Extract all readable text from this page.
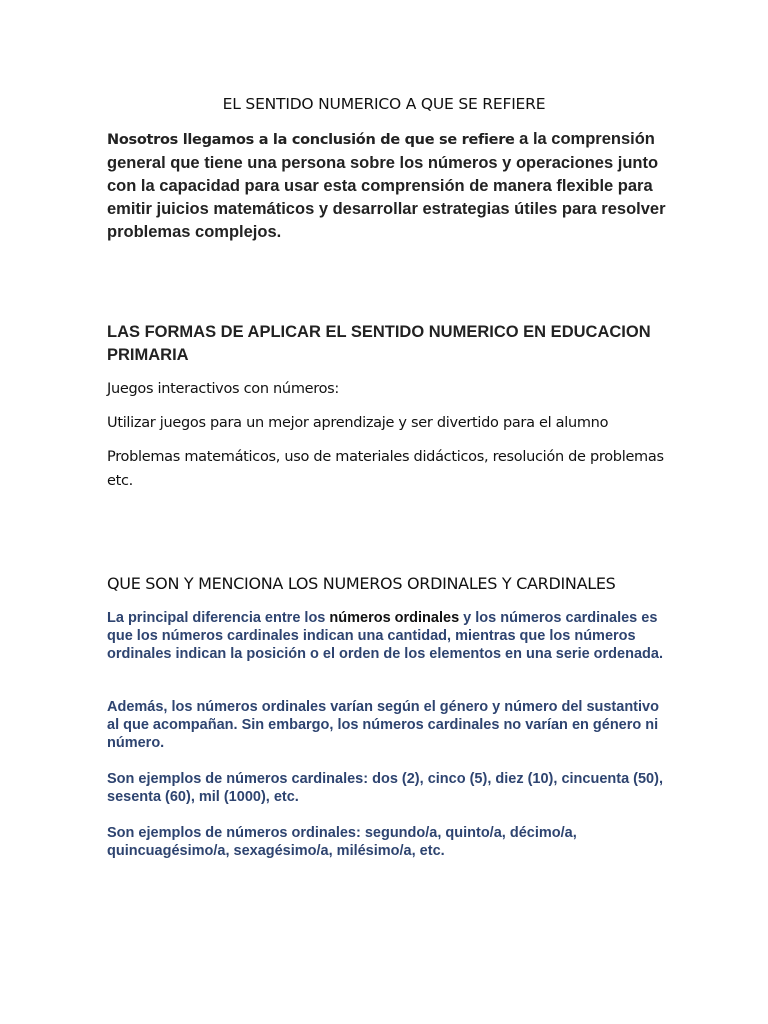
EL SENTIDO NUMERICO A QUE SE REFIERE

Nosotros llegamos a la conclusión de que se refiere a la comprensión general que tiene una persona sobre los números y operaciones junto con la capacidad para usar esta comprensión de manera flexible para emitir juicios matemáticos y desarrollar estrategias útiles para resolver problemas complejos.

LAS FORMAS DE APLICAR EL SENTIDO NUMERICO EN EDUCACION PRIMARIA

Juegos interactivos con números:

Utilizar juegos para un mejor aprendizaje y ser divertido para el alumno

Problemas matemáticos, uso de materiales didácticos, resolución de problemas etc.

QUE SON Y MENCIONA LOS NUMEROS ORDINALES Y CARDINALES

La principal diferencia entre los números ordinales y los números cardinales es que los números cardinales indican una cantidad, mientras que los números ordinales indican la posición o el orden de los elementos en una serie ordenada.

Además, los números ordinales varían según el género y número del sustantivo al que acompañan. Sin embargo, los números cardinales no varían en género ni número.

Son ejemplos de números cardinales: dos (2), cinco (5), diez (10), cincuenta (50), sesenta (60), mil (1000), etc.

Son ejemplos de números ordinales: segundo/a, quinto/a, décimo/a, quincuagésimo/a, sexagésimo/a, milésimo/a, etc.
